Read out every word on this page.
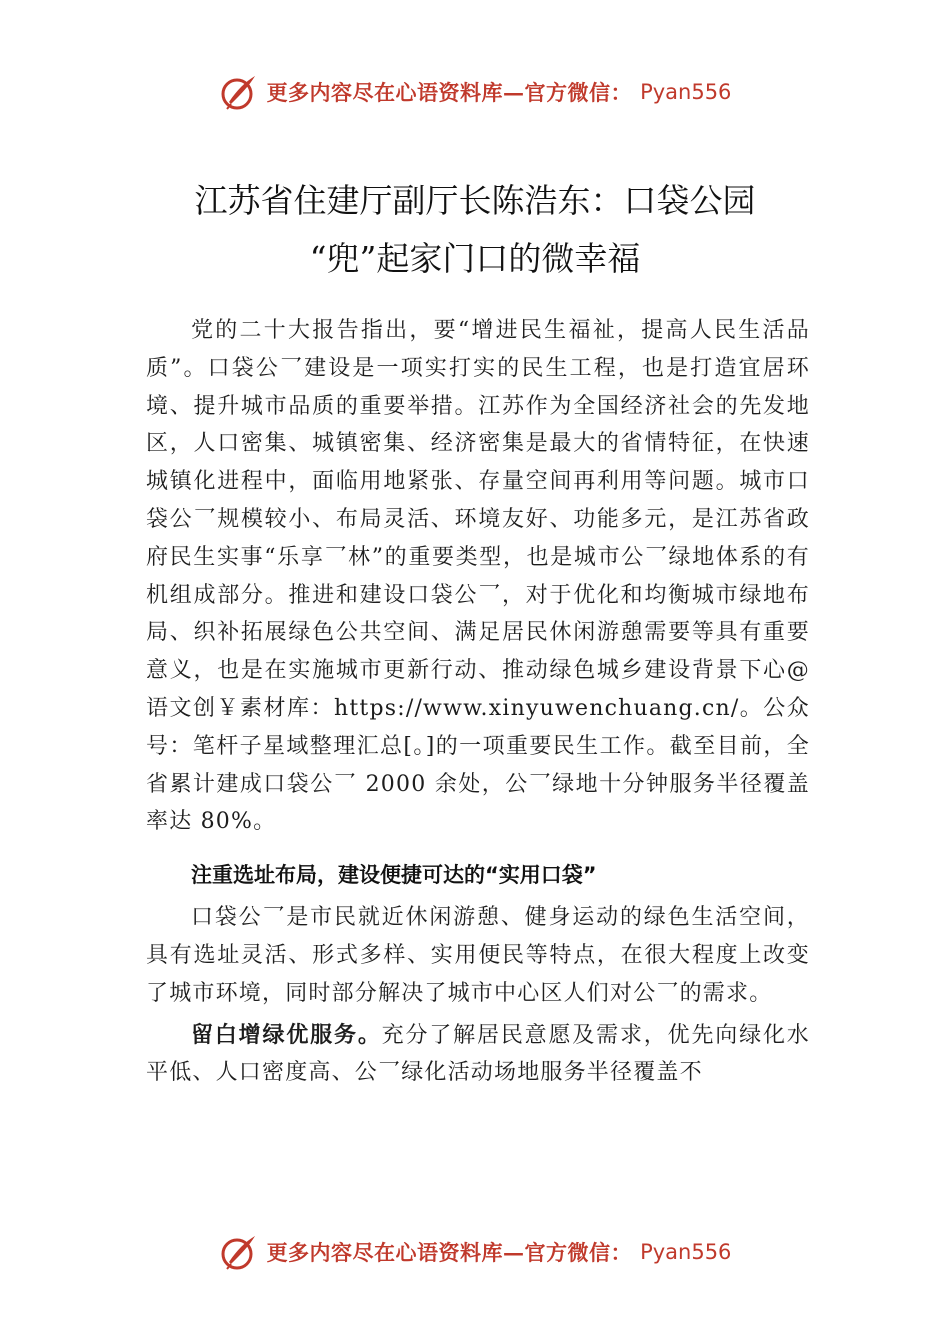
更多内容尽在心语资料库—官方微信： Pyan556
江苏省住建厅副厅长陈浩东：口袋公园
“兜”起家门口的微幸福

党的二十大报告指出，要“增进民生福祉，提高人民生活品质”。口袋公⺂建设是一项实打实的民生工程，也是打造宜居环境、提升城市品质的重要举措。江苏作为全国经济社会的先发地区，人口密集、城镇密集、经济密集是最大的省情特征，在快速城镇化进程中，面临用地紧张、存量空间再利用等问题。城市口袋公⺂规模较小、布局灵活、环境友好、功能多元，是江苏省政府民生实事“乐享⺂林”的重要类型，也是城市公⺂绿地体系的有机组成部分。推进和建设口袋公⺂，对于优化和均衡城市绿地布局、织补拓展绿色公共空间、满足居民休闲游憩需要等具有重要意义，也是在实施城市更新行动、推动绿色城乡建设背景下心@语文创￥素材库：https://www.xinyuwenchuang.cn/。公众号：笔杆子星域整理汇总[。]的一项重要民生工作。截至目前，全省累计建成口袋公⺂ 2000 余处，公⺂绿地十分钟服务半径覆盖率达 80%。

注重选址布局，建设便捷可达的“实用口袋”

口袋公⺂是市民就近休闲游憩、健身运动的绿色生活空间，具有选址灵活、形式多样、实用便民等特点，在很大程度上改变了城市环境，同时部分解决了城市中心区人们对公⺂的需求。

留白增绿优服务。充分了解居民意愿及需求，优先向绿化水平低、人口密度高、公⺂绿化活动场地服务半径覆盖不

更多内容尽在心语资料库—官方微信： Pyan556
